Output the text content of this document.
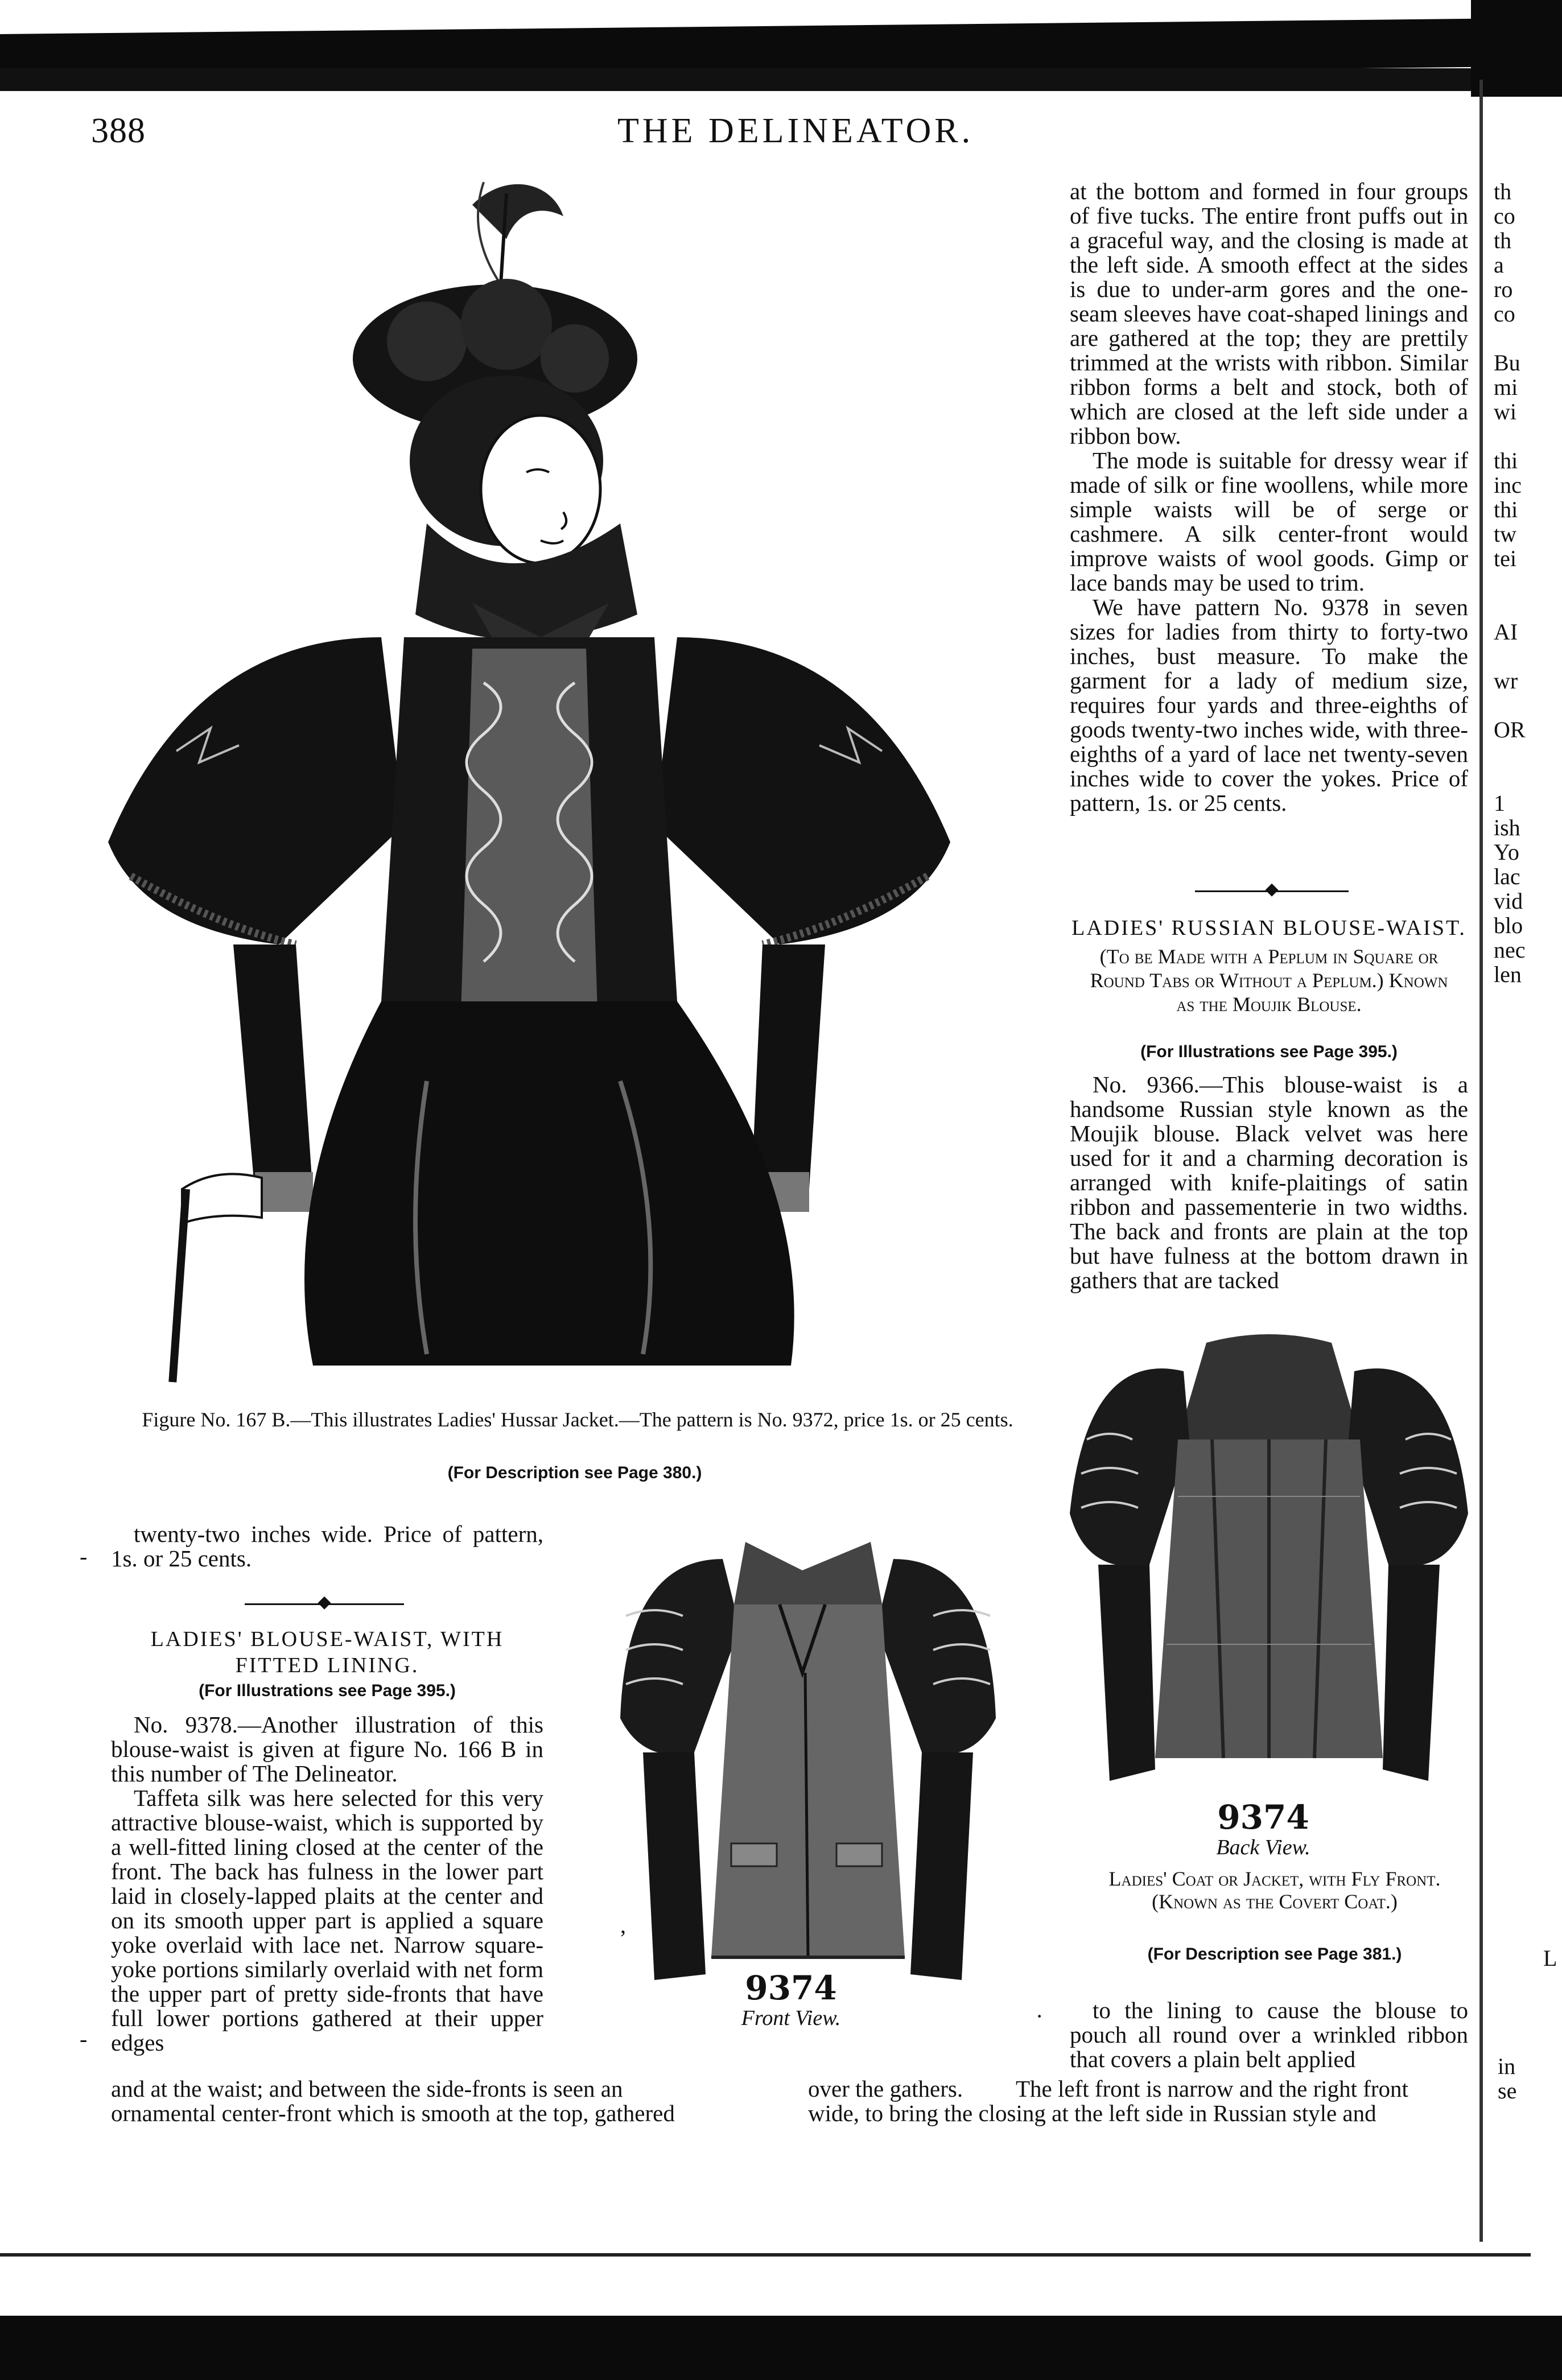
388	THE DELINEATOR.
Figure No. 167 B.—This illustrates Ladies' Hussar Jacket.—The pattern is No. 9372, price 1s. or 25 cents.
(For Description see Page 380.)

at the bottom and formed in four groups of five tucks. The entire front puffs out in a graceful way, and the closing is made at the left side. A smooth effect at the sides is due to under-arm gores and the one-seam sleeves have coat-shaped linings and are gathered at the top; they are prettily trimmed at the wrists with ribbon. Similar ribbon forms a belt and stock, both of which are closed at the left side under a ribbon bow.

The mode is suitable for dressy wear if made of silk or fine woollens, while more simple waists will be of serge or cashmere. A silk center-front would improve waists of wool goods. Gimp or lace bands may be used to trim.

We have pattern No. 9378 in seven sizes for ladies from thirty to forty-two inches, bust measure. To make the garment for a lady of medium size, requires four yards and three-eighths of goods twenty-two inches wide, with three-eighths of a yard of lace net twenty-seven inches wide to cover the yokes. Price of pattern, 1s. or 25 cents.

◆
LADIES' RUSSIAN BLOUSE-WAIST.
(To be Made with a Peplum in Square or Round Tabs or Without a Peplum.) Known as the Moujik Blouse.
(For Illustrations see Page 395.)

No. 9366.—This blouse-waist is a handsome Russian style known as the Moujik blouse. Black velvet was here used for it and a charming decoration is arranged with knife-plaitings of satin ribbon and passementerie in two widths. The back and fronts are plain at the top but have fulness at the bottom drawn in gathers that are tacked

9374
Back View.
Ladies' Coat or Jacket, with Fly Front. (Known as the Covert Coat.)
(For Description see Page 381.)
9374
Front View.

twenty-two inches wide. Price of pattern, 1s. or 25 cents.

◆
LADIES' BLOUSE-WAIST, WITH FITTED LINING.
(For Illustrations see Page 395.)

No. 9378.—Another illustration of this blouse-waist is given at figure No. 166 B in this number of The Delineator.

Taffeta silk was here selected for this very attractive blouse-waist, which is supported by a well-fitted lining closed at the center of the front. The back has fulness in the lower part laid in closely-lapped plaits at the center and on its smooth upper part is applied a square yoke overlaid with lace net. Narrow square-yoke portions similarly overlaid with net form the upper part of pretty side-fronts that have full lower portions gathered at their upper edges

to the lining to cause the blouse to pouch all round over a wrinkled ribbon that covers a plain belt applied

and at the waist; and between the side-fronts is seen an
ornamental center-front which is smooth at the top, gathered
over the gathers.	The left front is narrow and the right front
wide, to bring the closing at the left side in Russian style and
-
·
,
-
th
co
th
a
ro
co
Bu
mi
wi
thi
inc
thi
tw
tei
AI
wr
OR
1
ish
Yo
lac
vid
blo
nec
len
L
in
se
